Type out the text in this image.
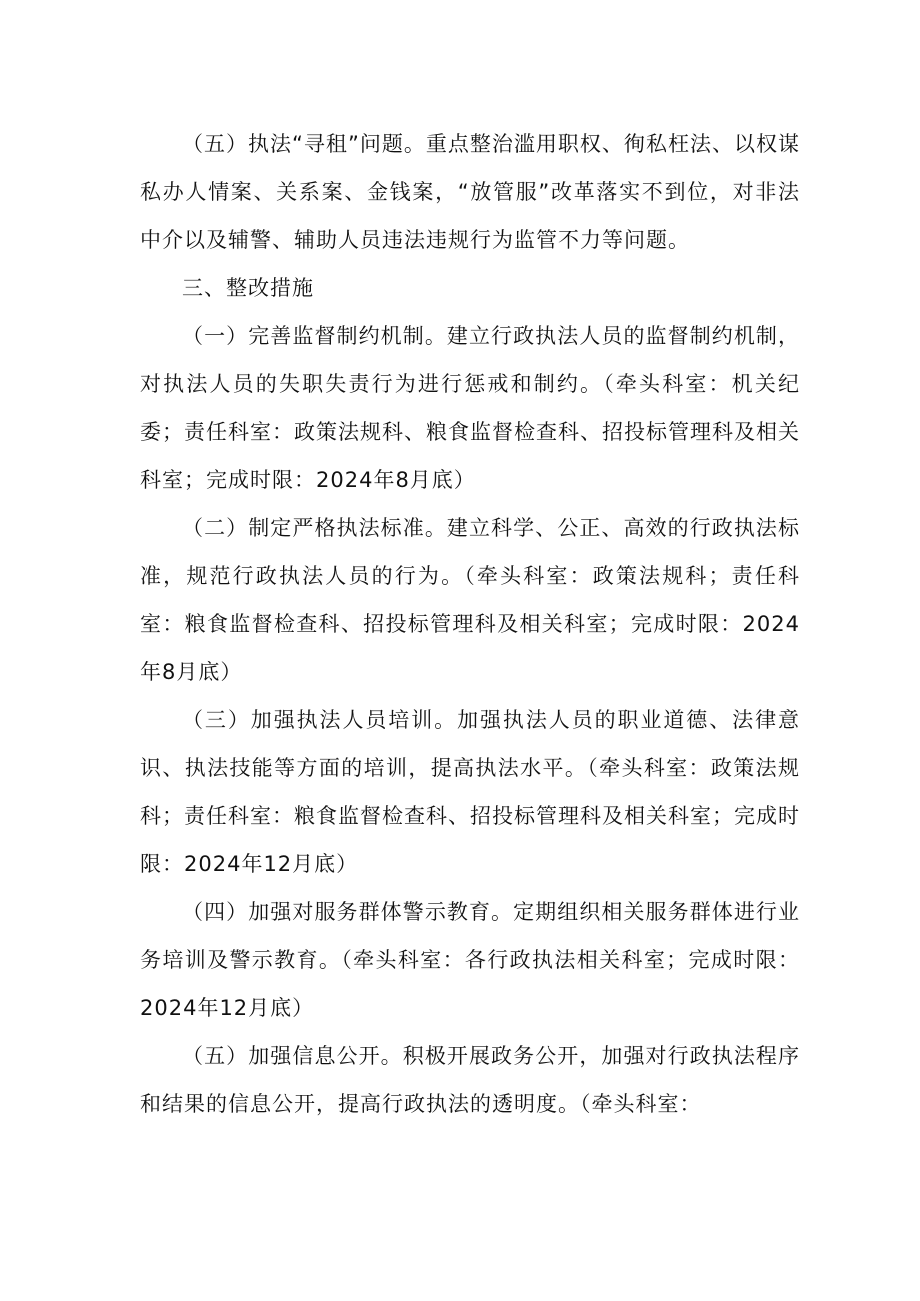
（五）执法“寻租”问题。重点整治滥用职权、徇私枉法、以权谋私办人情案、关系案、金钱案，“放管服”改革落实不到位，对非法中介以及辅警、辅助人员违法违规行为监管不力等问题。

三、整改措施

（一）完善监督制约机制。建立行政执法人员的监督制约机制，对执法人员的失职失责行为进行惩戒和制约。（牵头科室：机关纪委；责任科室：政策法规科、粮食监督检查科、招投标管理科及相关科室；完成时限：2024年8月底）

（二）制定严格执法标准。建立科学、公正、高效的行政执法标准，规范行政执法人员的行为。（牵头科室：政策法规科；责任科室：粮食监督检查科、招投标管理科及相关科室；完成时限：2024年8月底）

（三）加强执法人员培训。加强执法人员的职业道德、法律意识、执法技能等方面的培训，提高执法水平。（牵头科室：政策法规科；责任科室：粮食监督检查科、招投标管理科及相关科室；完成时限：2024年12月底）

（四）加强对服务群体警示教育。定期组织相关服务群体进行业务培训及警示教育。（牵头科室：各行政执法相关科室；完成时限：2024年12月底）

（五）加强信息公开。积极开展政务公开，加强对行政执法程序和结果的信息公开，提高行政执法的透明度。（牵头科室：
